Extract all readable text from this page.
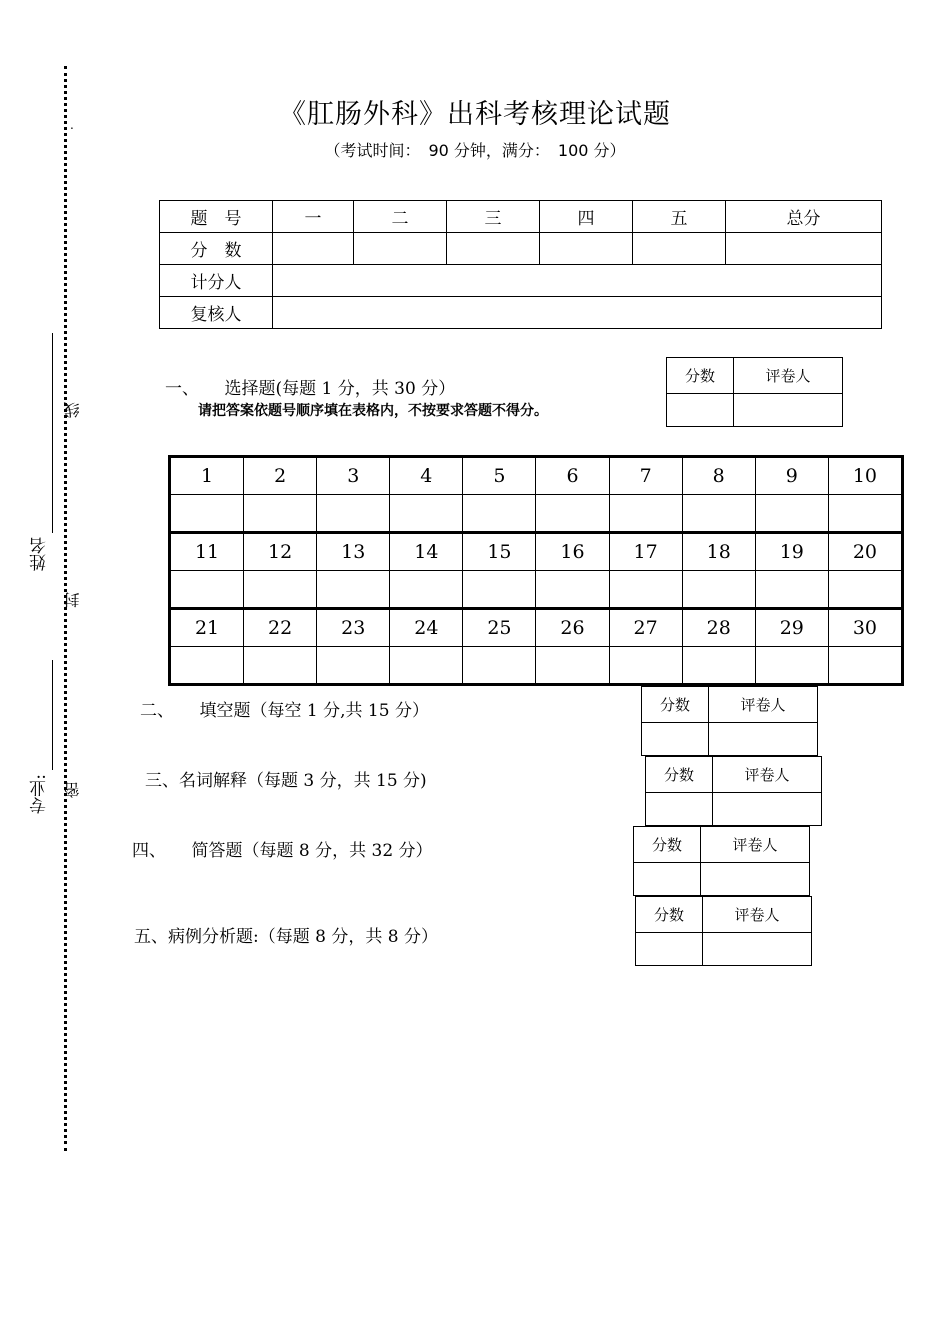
.
线
封
密
姓名
专业:
《肛肠外科》出科考核理论试题
（考试时间：　90 分钟，满分：　100 分）
题　号	一	二	三	四	五	总分
分　数						
计分人						
复核人						
一、　　选择题(每题 1 分，共 30 分）
请把答案依题号顺序填在表格内，不按要求答题不得分。
分数	评卷人

1	2	3	4	5	6	7	8	9	10

11	12	13	14	15	16	17	18	19	20

21	22	23	24	25	26	27	28	29	30

二、　　填空题（每空 1 分,共 15 分）	分数	评卷人

三、名词解释（每题 3 分，共 15 分)	分数	评卷人

四、　　简答题（每题 8 分，共 32 分）	分数	评卷人

五、病例分析题:（每题 8 分，共 8 分）
分数	评卷人
